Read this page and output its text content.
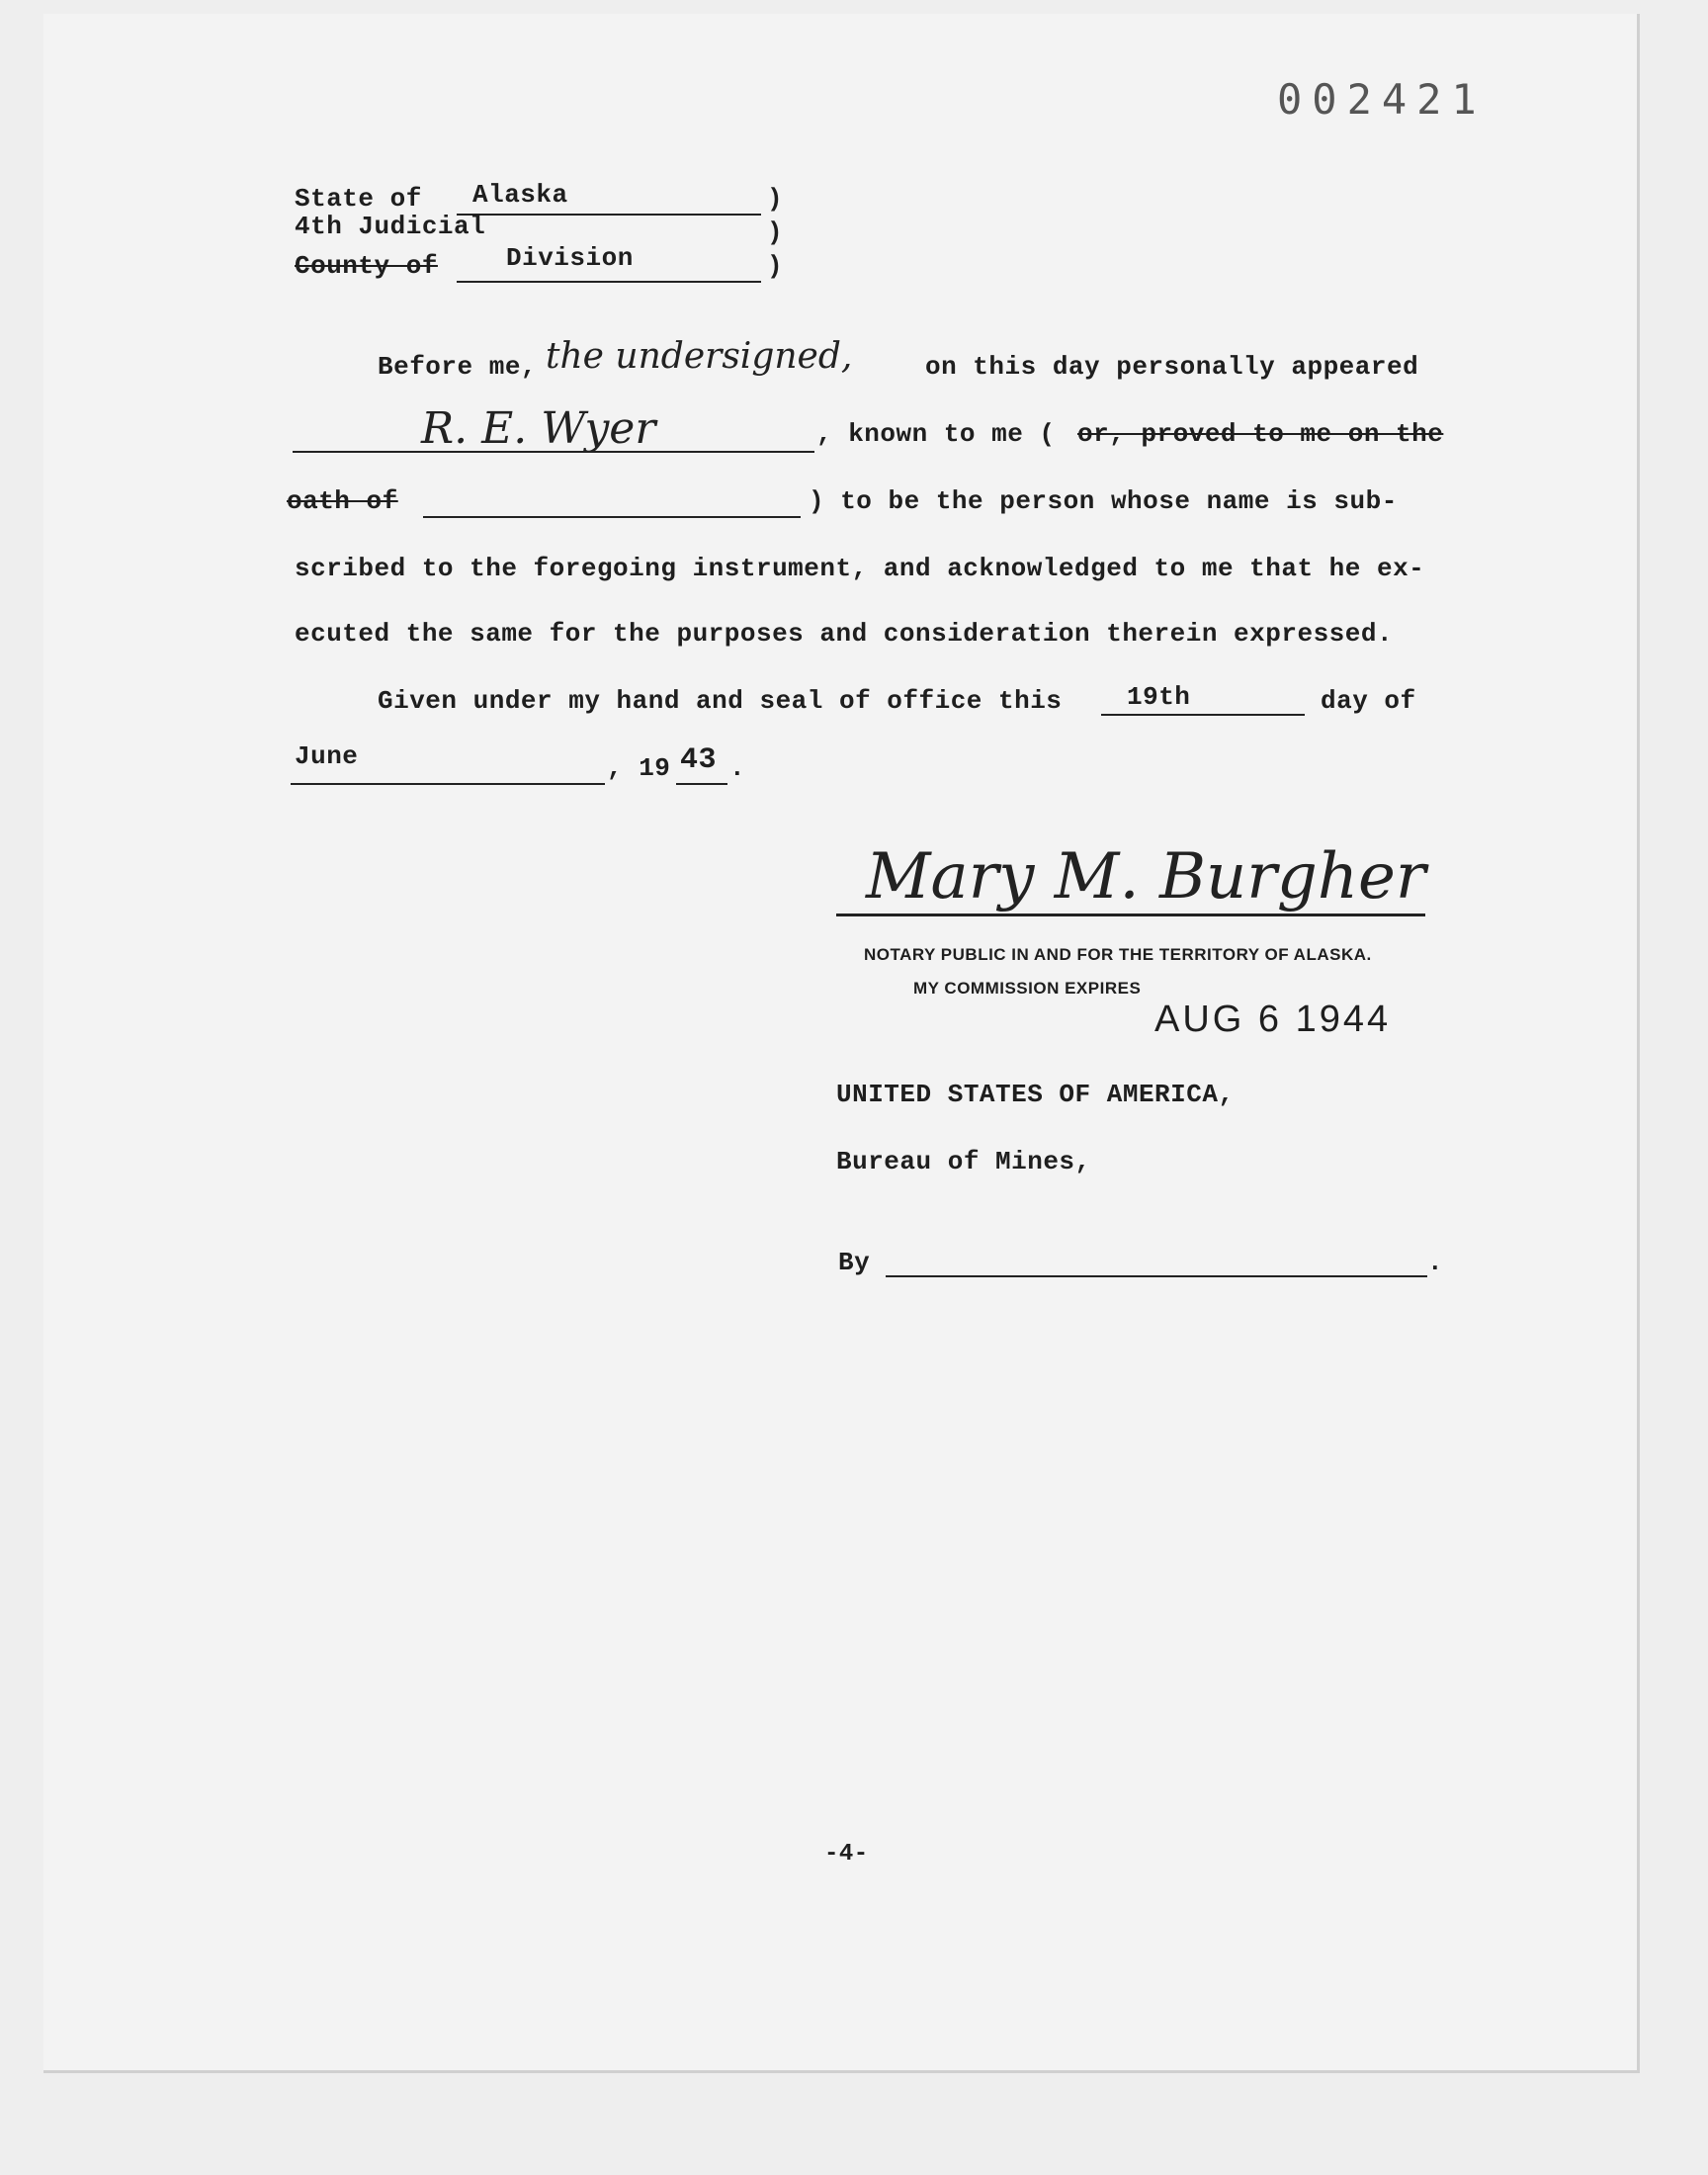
002421
State of Alaska	)
4th Judicial	)
County of	Division	)
Before me, the undersigned,	on this day personally appeared
R. E. Wyer	, known to me ( or, proved to me on the
oath of	) to be the person whose name is sub-
scribed to the foregoing instrument, and acknowledged to me that he ex-
ecuted the same for the purposes and consideration therein expressed.
Given under my hand and seal of office this	19th	day of
June	, 19 43 .
Mary M. Burgher
NOTARY PUBLIC IN AND FOR THE TERRITORY OF ALASKA.
MY COMMISSION EXPIRES
AUG 6 1944
UNITED STATES OF AMERICA,
Bureau of Mines,
By	.
-4-
